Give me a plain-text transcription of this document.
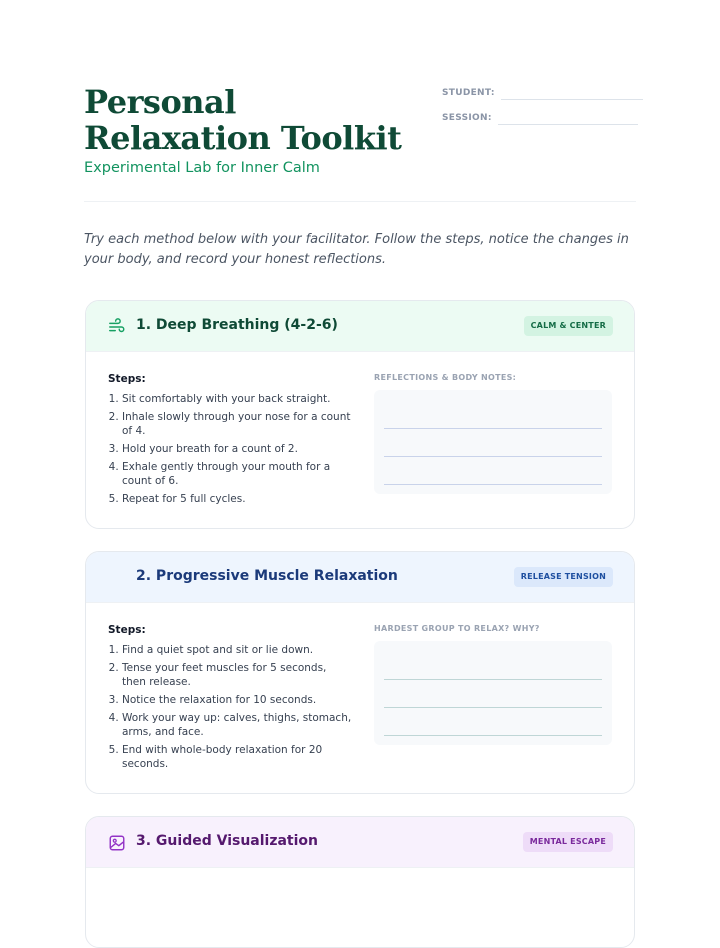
Personal Relaxation Toolkit
Experimental Lab for Inner Calm
STUDENT:
SESSION:
Try each method below with your facilitator. Follow the steps, notice the changes in your body, and record your honest reflections.
1. Deep Breathing (4-2-6)	CALM & CENTER
Steps:
1. Sit comfortably with your back straight.
2. Inhale slowly through your nose for a count of 4.
3. Hold your breath for a count of 2.
4. Exhale gently through your mouth for a count of 6.
5. Repeat for 5 full cycles.
REFLECTIONS & BODY NOTES:
2. Progressive Muscle Relaxation	RELEASE TENSION
Steps:
1. Find a quiet spot and sit or lie down.
2. Tense your feet muscles for 5 seconds, then release.
3. Notice the relaxation for 10 seconds.
4. Work your way up: calves, thighs, stomach, arms, and face.
5. End with whole-body relaxation for 20 seconds.
HARDEST GROUP TO RELAX? WHY?
3. Guided Visualization	MENTAL ESCAPE
